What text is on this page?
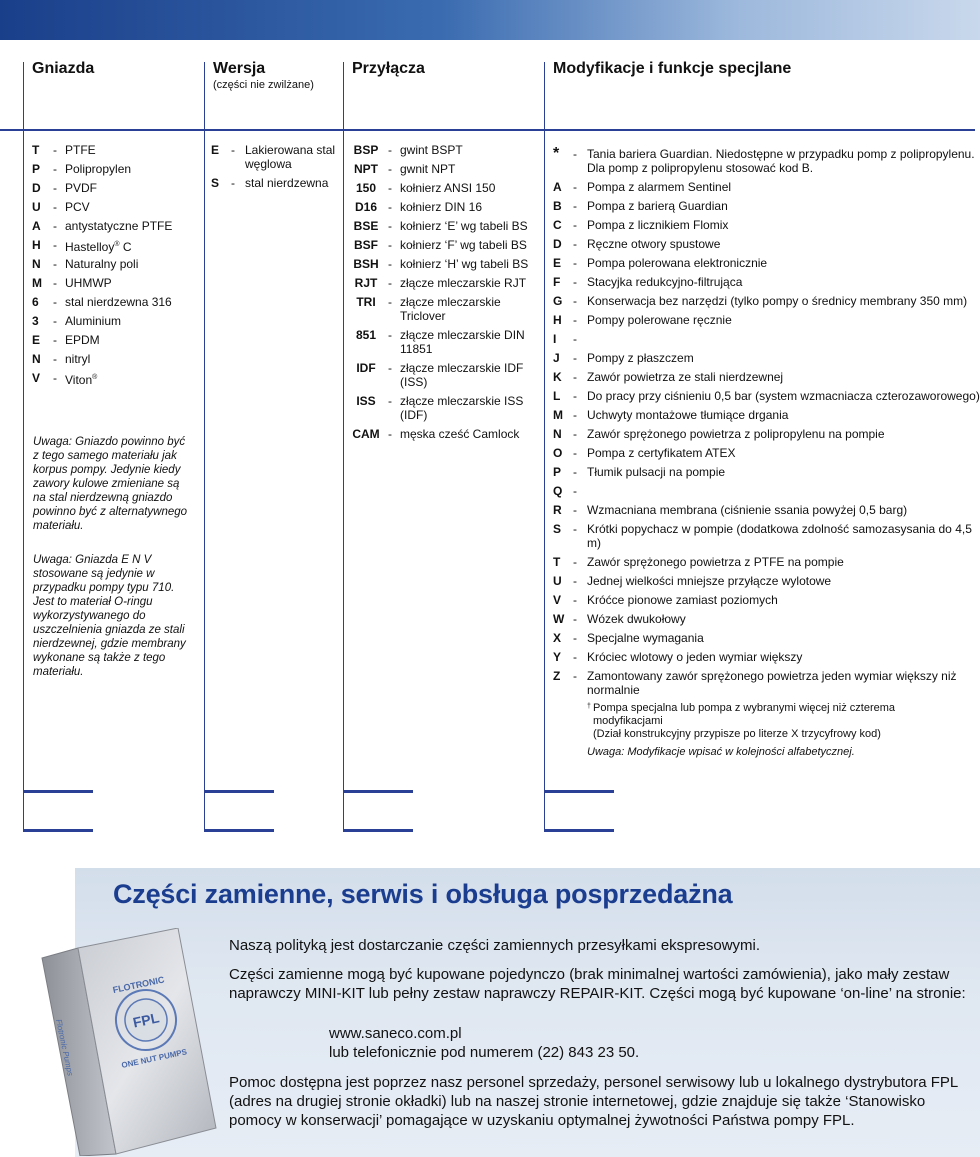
Gniazda	Wersja
(części nie zwilżane)
Przyłącza	Modyfikacje i funkcje specjlane
T - PTFE
P - Polipropylen
D - PVDF
U - PCV
A - antystatyczne PTFE
H - Hastelloy® C
N - Naturalny poli
M - UHMWP
6 - stal nierdzewna 316
3 - Aluminium
E - EPDM
N - nitryl
V - Viton®
Uwaga: Gniazdo powinno być z tego samego materiału jak korpus pompy. Jedynie kiedy zawory kulowe zmieniane są na stal nierdzewną gniazdo powinno być z alternatywnego materiału.
Uwaga: Gniazda E N V stosowane są jedynie w przypadku pompy typu 710. Jest to materiał O-ringu wykorzystywanego do uszczelnienia gniazda ze stali nierdzewnej, gdzie membrany wykonane są także z tego materiału.
E - Lakierowana stal węglowa
S - stal nierdzewna
BSP - gwint BSPT
NPT - gwnit NPT
150 - kołnierz ANSI 150
D16 - kołnierz DIN 16
BSE - kołnierz ‘E’ wg tabeli BS
BSF - kołnierz ‘F’ wg tabeli BS
BSH - kołnierz ‘H’ wg tabeli BS
RJT - złącze mleczarskie RJT
TRI	- złącze mleczarskie Triclover
851 - złącze mleczarskie DIN 11851
IDF	- złącze mleczarskie IDF (ISS)
ISS	- złącze mleczarskie ISS (IDF)
CAM - męska cześć Camlock
* - Tania bariera Guardian. Niedostępne w przypadku pomp z polipropylenu. Dla pomp z polipropylenu stosować kod B.
A - Pompa z alarmem Sentinel
B - Pompa z barierą Guardian
C - Pompa z licznikiem Flomix
D - Ręczne otwory spustowe
E - Pompa polerowana elektronicznie
F - Stacyjka redukcyjno-filtrująca
G - Konserwacja bez narzędzi (tylko pompy o średnicy membrany 350 mm)
H - Pompy polerowane ręcznie
I -

J - Pompy z płaszczem
K - Zawór powietrza ze stali nierdzewnej
L - Do pracy przy ciśnieniu 0,5 bar (system wzmacniacza czterozaworowego)
M - Uchwyty montażowe tłumiące drgania
N - Zawór sprężonego powietrza z polipropylenu na pompie
O - Pompa z certyfikatem ATEX
P - Tłumik pulsacji na pompie
Q -

R - Wzmacniana membrana (ciśnienie ssania powyżej 0,5 barg)
S - Krótki popychacz w pompie (dodatkowa zdolność samozasysania do 4,5 m)
T - Zawór sprężonego powietrza z PTFE na pompie
U - Jednej wielkości mniejsze przyłącze wylotowe
V - Króćce pionowe zamiast poziomych
W - Wózek dwukołowy
X - Specjalne wymagania
Y - Króciec wlotowy o jeden wymiar większy
Z - Zamontowany zawór sprężonego powietrza jeden wymiar większy niż normalnie
† Pompa specjalna lub pompa z wybranymi więcej niż czterema modyfikacjami
(Dział konstrukcyjny przypisze po literze X trzycyfrowy kod)
Uwaga: Modyfikacje wpisać w kolejności alfabetycznej.
Części zamienne, serwis i obsługa posprzedażna
Naszą polityką jest dostarczanie części zamiennych przesyłkami ekspresowymi.
Części zamienne mogą być kupowane pojedynczo (brak minimalnej wartości zamówienia), jako mały zestaw naprawczy MINI-KIT lub pełny zestaw naprawczy REPAIR-KIT. Części mogą być kupowane ‘on-line’ na stronie:
www.saneco.com.pl
lub telefonicznie pod numerem (22) 843 23 50.
Pomoc dostępna jest poprzez nasz personel sprzedaży, personel serwisowy lub u lokalnego dystrybutora FPL (adres na drugiej stronie okładki) lub na naszej stronie internetowej, gdzie znajduje się także ‘Stanowisko pomocy w konserwacji’ pomagające w uzyskaniu optymalnej żywotności Państwa pompy FPL.
FPL
FLOTRONIC
ONE NUT PUMPS
Flotronic Pumps
